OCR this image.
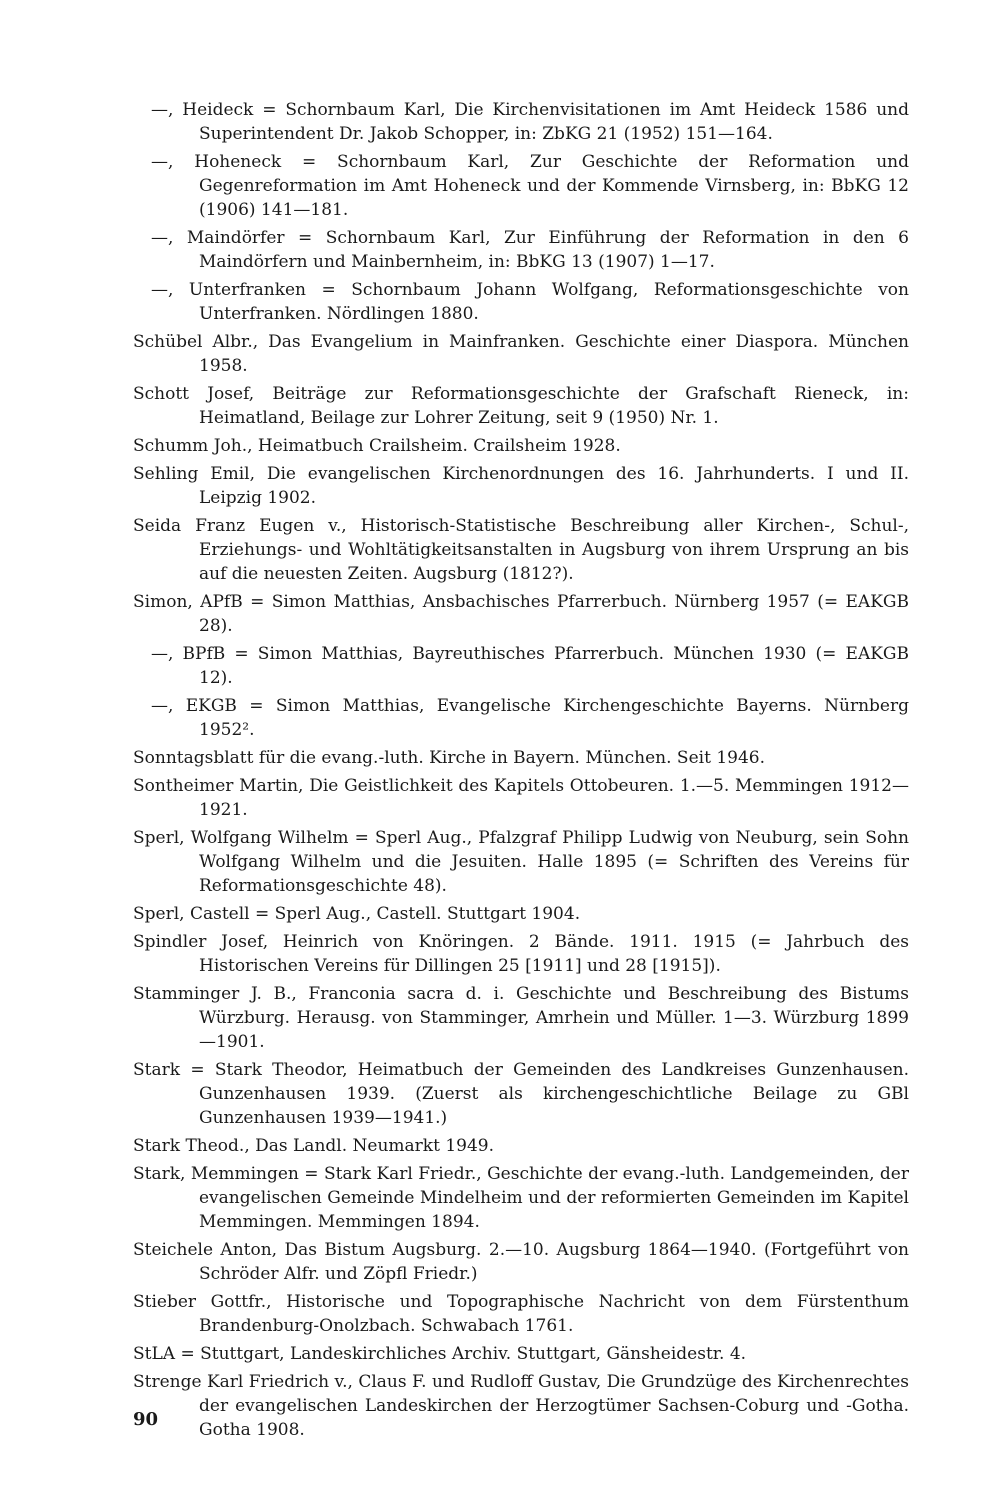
—, Heideck = Schornbaum Karl, Die Kirchenvisitationen im Amt Heideck 1586 und Superintendent Dr. Jakob Schopper, in: ZbKG 21 (1952) 151—164.
—, Hoheneck = Schornbaum Karl, Zur Geschichte der Reformation und Gegenreformation im Amt Hoheneck und der Kommende Virnsberg, in: BbKG 12 (1906) 141—181.
—, Maindörfer = Schornbaum Karl, Zur Einführung der Reformation in den 6 Maindörfern und Mainbernheim, in: BbKG 13 (1907) 1—17.
—, Unterfranken = Schornbaum Johann Wolfgang, Reformationsgeschichte von Unterfranken. Nördlingen 1880.
Schübel Albr., Das Evangelium in Mainfranken. Geschichte einer Diaspora. München 1958.
Schott Josef, Beiträge zur Reformationsgeschichte der Grafschaft Rieneck, in: Heimatland, Beilage zur Lohrer Zeitung, seit 9 (1950) Nr. 1.
Schumm Joh., Heimatbuch Crailsheim. Crailsheim 1928.
Sehling Emil, Die evangelischen Kirchenordnungen des 16. Jahrhunderts. I und II. Leipzig 1902.
Seida Franz Eugen v., Historisch-Statistische Beschreibung aller Kirchen-, Schul-, Erziehungs- und Wohltätigkeitsanstalten in Augsburg von ihrem Ursprung an bis auf die neuesten Zeiten. Augsburg (1812?).
Simon, APfB = Simon Matthias, Ansbachisches Pfarrerbuch. Nürnberg 1957 (= EAKGB 28).
—, BPfB = Simon Matthias, Bayreuthisches Pfarrerbuch. München 1930 (= EAKGB 12).
—, EKGB = Simon Matthias, Evangelische Kirchengeschichte Bayerns. Nürnberg 1952².
Sonntagsblatt für die evang.-luth. Kirche in Bayern. München. Seit 1946.
Sontheimer Martin, Die Geistlichkeit des Kapitels Ottobeuren. 1.—5. Memmingen 1912—1921.
Sperl, Wolfgang Wilhelm = Sperl Aug., Pfalzgraf Philipp Ludwig von Neuburg, sein Sohn Wolfgang Wilhelm und die Jesuiten. Halle 1895 (= Schriften des Vereins für Reformationsgeschichte 48).
Sperl, Castell = Sperl Aug., Castell. Stuttgart 1904.
Spindler Josef, Heinrich von Knöringen. 2 Bände. 1911. 1915 (= Jahrbuch des Historischen Vereins für Dillingen 25 [1911] und 28 [1915]).
Stamminger J. B., Franconia sacra d. i. Geschichte und Beschreibung des Bistums Würzburg. Herausg. von Stamminger, Amrhein und Müller. 1—3. Würzburg 1899—1901.
Stark = Stark Theodor, Heimatbuch der Gemeinden des Landkreises Gunzenhausen. Gunzenhausen 1939. (Zuerst als kirchengeschichtliche Beilage zu GBl Gunzenhausen 1939—1941.)
Stark Theod., Das Landl. Neumarkt 1949.
Stark, Memmingen = Stark Karl Friedr., Geschichte der evang.-luth. Landgemeinden, der evangelischen Gemeinde Mindelheim und der reformierten Gemeinden im Kapitel Memmingen. Memmingen 1894.
Steichele Anton, Das Bistum Augsburg. 2.—10. Augsburg 1864—1940. (Fortgeführt von Schröder Alfr. und Zöpfl Friedr.)
Stieber Gottfr., Historische und Topographische Nachricht von dem Fürstenthum Brandenburg-Onolzbach. Schwabach 1761.
StLA = Stuttgart, Landeskirchliches Archiv. Stuttgart, Gänsheidestr. 4.
Strenge Karl Friedrich v., Claus F. und Rudloff Gustav, Die Grundzüge des Kirchenrechtes der evangelischen Landeskirchen der Herzogtümer Sachsen-Coburg und -Gotha. Gotha 1908.
90
